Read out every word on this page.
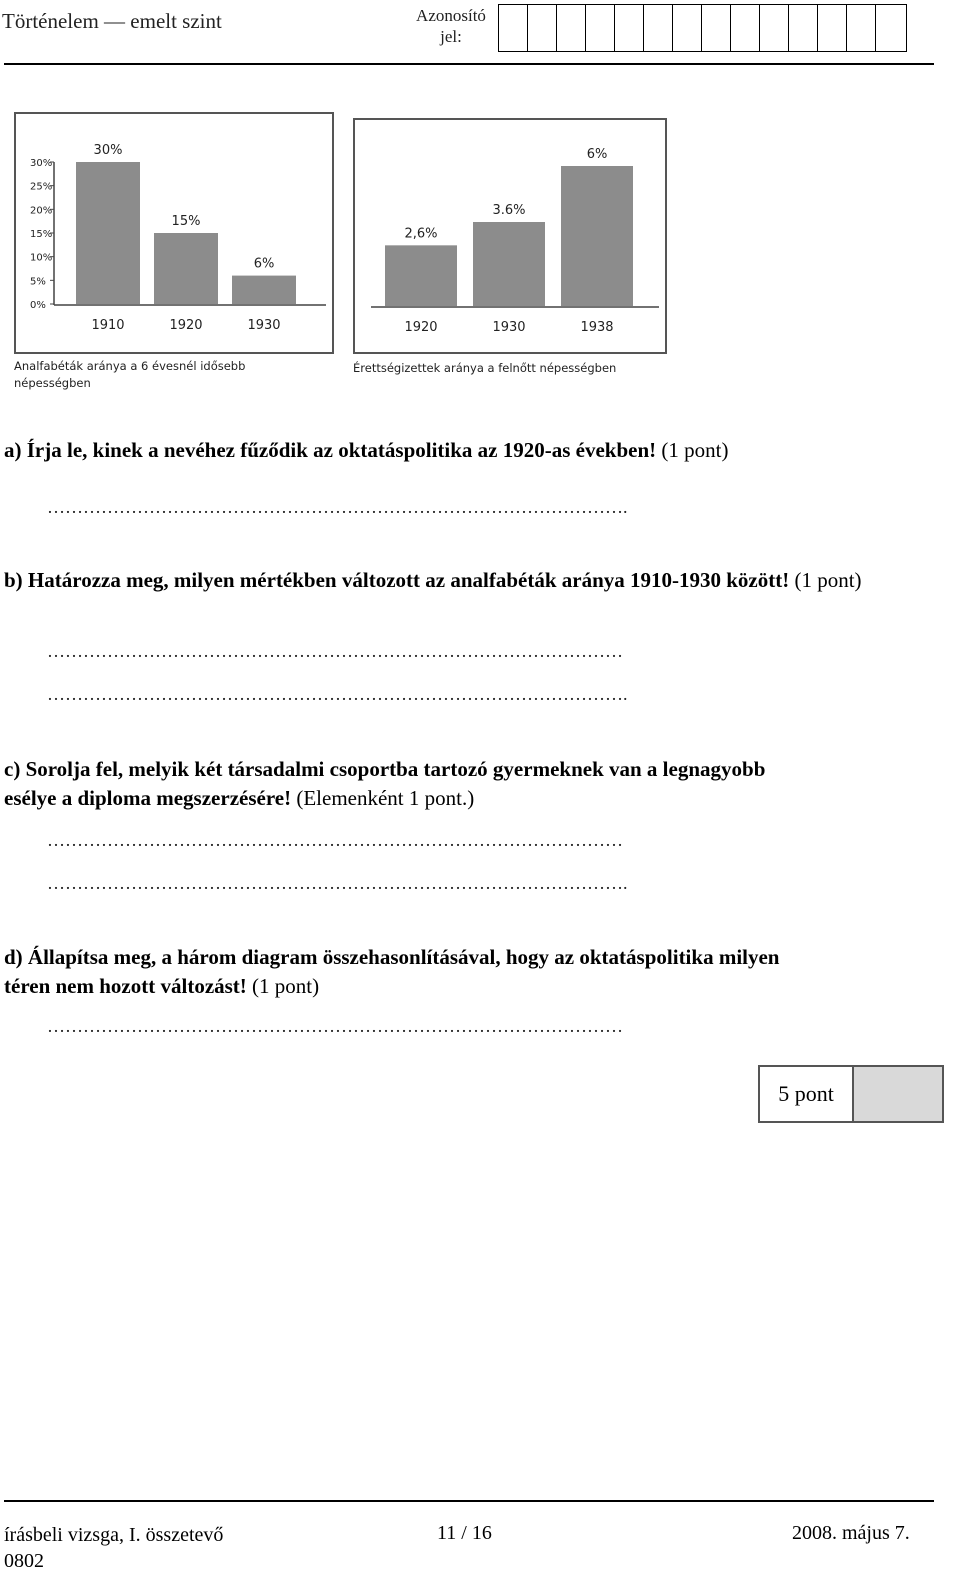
Történelem — emelt szint	Azonosító
jel:
30%
25%
20%
15%
10%
5%
0%
30%
1910
15%
1920
6%
1930
Analfabéták aránya a 6 évesnél idősebb
népességben
2,6%
1920
3.6%
1930
6%
1938
Érettségizettek aránya a felnőtt népességben
a) Írja le, kinek a nevéhez fűződik az oktatáspolitika az 1920-as években! (1 pont)
…………………………………………………………………………………….
b) Határozza meg, milyen mértékben változott az analfabéták aránya 1910-1930 között! (1 pont)
……………………………………………………………………………………
…………………………………………………………………………………….
c) Sorolja fel, melyik két társadalmi csoportba tartozó gyermeknek van a legnagyobb
esélye a diploma megszerzésére! (Elemenként 1 pont.)
……………………………………………………………………………………
…………………………………………………………………………………….
d) Állapítsa meg, a három diagram összehasonlításával, hogy az oktatáspolitika milyen
téren nem hozott változást! (1 pont)
……………………………………………………………………………………
5 pont
írásbeli vizsga, I. összetevő
0802
11 / 16	2008. május 7.
